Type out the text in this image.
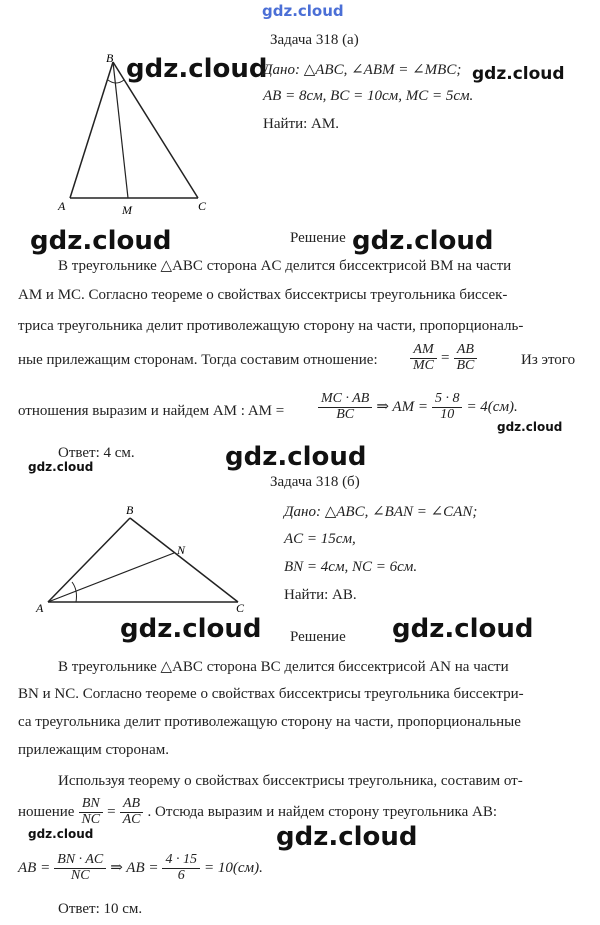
gdz.cloud
B
A	C
M
gdz.cloud
Задача 318 (а)
Дано: △ABC, ∠ABM = ∠MBC; gdz.cloud
AB = 8см, BC = 10см, MC = 5см.
Найти: AM.
gdz.cloud	Решение gdz.cloud
В треугольнике △ABC сторона AC делится биссектрисой BM на части
AM и MC. Согласно теореме о свойствах биссектрисы треугольника биссек-
триса треугольника делит противолежащую сторону на части, пропорциональ-
ные прилежащим сторонам. Тогда составим отношение: $\frac{AM}{MC} = \frac{AB}{BC}$	Из этого
отношения выразим и найдем AM : AM = $\frac{MC \cdot AB}{BC}$ ⇒ AM = $\frac{5 \cdot 8}{10} = 4(см)$.
gdz.cloud
Ответ: 4 см.
gdz.cloud	gdz.cloud
Задача 318 (б)
B
A	C
N
Дано: △ABC, ∠BAN = ∠CAN;
AC = 15см,
BN = 4см, NC = 6см.
Найти: AB.
gdz.cloud Решение gdz.cloud
В треугольнике △ABC сторона BC делится биссектрисой AN на части
BN и NC. Согласно теореме о свойствах биссектрисы треугольника биссектри-
са треугольника делит противолежащую сторону на части, пропорциональные
прилежащим сторонам.
Используя теорему о свойствах биссектрисы треугольника, составим от-
ношение $\frac{BN}{NC} = \frac{AB}{AC}$ . Отсюда выразим и найдем сторону треугольника AB:
gdz.cloud	gdz.cloud
AB = $\frac{BN \cdot AC}{NC}$ ⇒ AB = $\frac{4 \cdot 15}{6} = 10(см)$.
Ответ: 10 см.
